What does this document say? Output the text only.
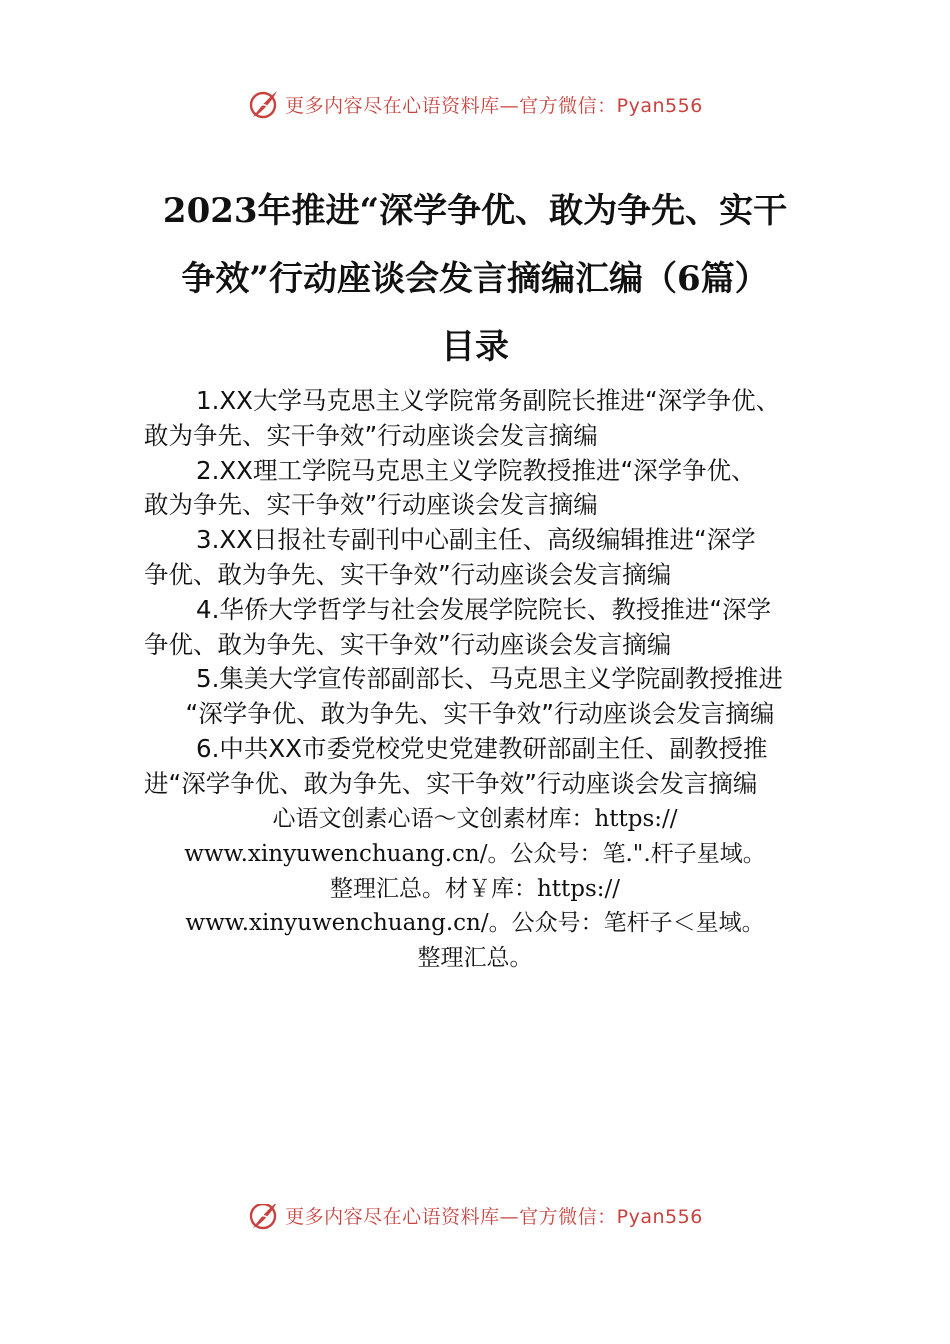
更多内容尽在心语资料库—官方微信：Pyan556
2023年推进“深学争优、敢为争先、实干
争效”行动座谈会发言摘编汇编（6篇）
目录
1.XX大学马克思主义学院常务副院长推进“深学争优、
敢为争先、实干争效”行动座谈会发言摘编
2.XX理工学院马克思主义学院教授推进“深学争优、
敢为争先、实干争效”行动座谈会发言摘编
3.XX日报社专副刊中心副主任、高级编辑推进“深学
争优、敢为争先、实干争效”行动座谈会发言摘编
4.华侨大学哲学与社会发展学院院长、教授推进“深学
争优、敢为争先、实干争效”行动座谈会发言摘编
5.集美大学宣传部副部长、马克思主义学院副教授推进
“深学争优、敢为争先、实干争效”行动座谈会发言摘编
6.中共XX市委党校党史党建教研部副主任、副教授推
进“深学争优、敢为争先、实干争效”行动座谈会发言摘编
心语文创素心语～文创素材库：https://
www.xinyuwenchuang.cn/。公众号：笔.".杆子星域。
整理汇总。材￥库：https://
www.xinyuwenchuang.cn/。公众号：笔杆子＜星域。
整理汇总。
更多内容尽在心语资料库—官方微信：Pyan556
